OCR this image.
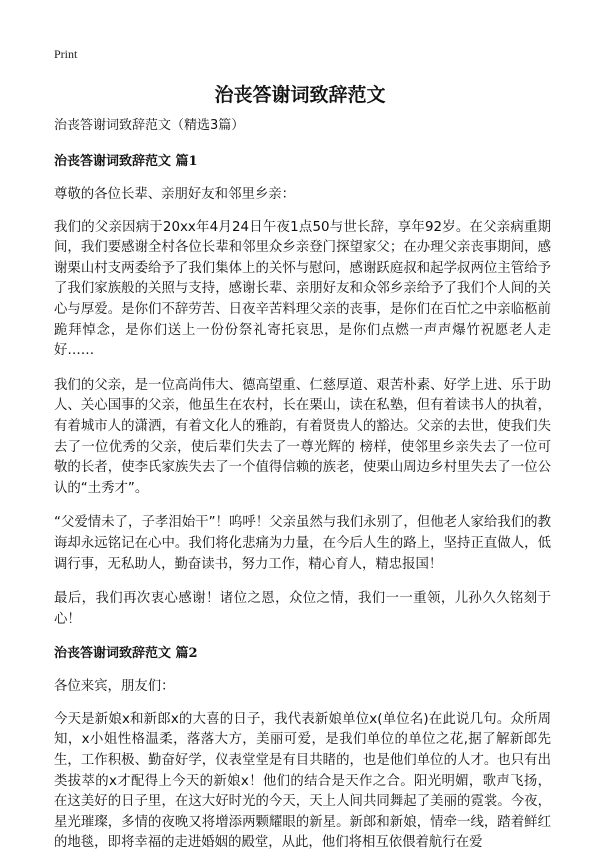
Print
治丧答谢词致辞范文
治丧答谢词致辞范文（精选3篇）
治丧答谢词致辞范文 篇1

尊敬的各位长辈、亲朋好友和邻里乡亲：

我们的父亲因病于20xx年4月24日午夜1点50与世长辞，享年92岁。在父亲病重期间，我们要感谢全村各位长辈和邻里众乡亲登门探望家父；在办理父亲丧事期间，感谢栗山村支两委给予了我们集体上的关怀与慰问，感谢跃庭叔和起学叔两位主管给予了我们家族般的关照与支持，感谢长辈、亲朋好友和众邻乡亲给予了我们个人间的关心与厚爱。是你们不辞劳苦、日夜辛苦料理父亲的丧事，是你们在百忙之中亲临柩前跪拜悼念，是你们送上一份份祭礼寄托哀思，是你们点燃一声声爆竹祝愿老人走好……

我们的父亲，是一位高尚伟大、德高望重、仁慈厚道、艰苦朴素、好学上进、乐于助人、关心国事的父亲，他虽生在农村，长在栗山，读在私塾，但有着读书人的执着，有着城市人的潇洒，有着文化人的雅韵，有着贤贵人的豁达。父亲的去世，使我们失去了一位优秀的父亲，使后辈们失去了一尊光辉的 榜样，使邻里乡亲失去了一位可敬的长者，使李氏家族失去了一个值得信赖的族老，使栗山周边乡村里失去了一位公认的“土秀才”。

“父爱情未了，子孝泪始干”！呜呼！父亲虽然与我们永别了，但他老人家给我们的教诲却永远铭记在心中。我们将化悲痛为力量，在今后人生的路上，坚持正直做人，低调行事，无私助人，勤奋读书，努力工作，精心育人，精忠报国！

最后，我们再次衷心感谢！诸位之恩，众位之情，我们一一重领，儿孙久久铭刻于心！

治丧答谢词致辞范文 篇2

各位来宾，朋友们：

今天是新娘x和新郎x的大喜的日子，我代表新娘单位x(单位名)在此说几句。众所周知，x小姐性格温柔，落落大方，美丽可爱，是我们单位的单位之花,据了解新郎先生，工作积极、勤奋好学，仪表堂堂是有目共睹的，也是他们单位的人才。也只有出类拔萃的x才配得上今天的新娘x！他们的结合是天作之合。阳光明媚，歌声飞扬，在这美好的日子里，在这大好时光的今天，天上人间共同舞起了美丽的霓裳。今夜，星光璀璨，多情的夜晚又将增添两颗耀眼的新星。新郎和新娘，情牵一线，踏着鲜红的地毯，即将幸福的走进婚姻的殿堂，从此，他们将相互依偎着航行在爱
